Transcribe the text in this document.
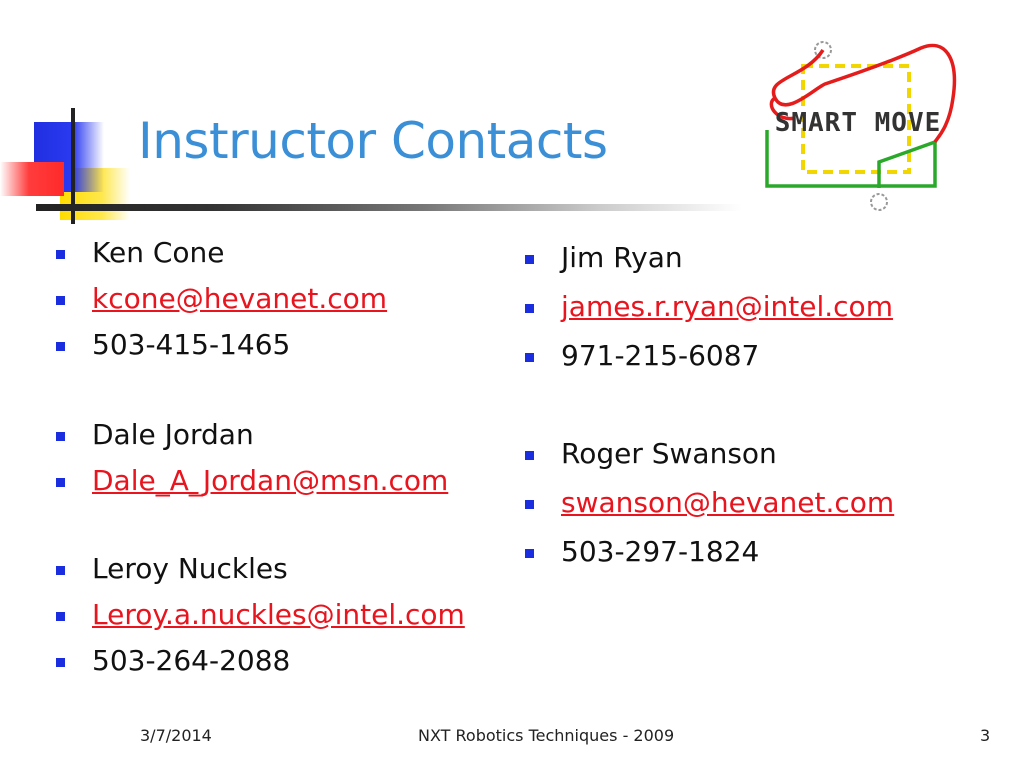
Instructor Contacts	SMART MOVE
Ken Cone
kcone@hevanet.com
503-415-1465
Dale Jordan
Dale_A_Jordan@msn.com
Leroy Nuckles
Leroy.a.nuckles@intel.com
503-264-2088
Jim Ryan
james.r.ryan@intel.com
971-215-6087
Roger Swanson
swanson@hevanet.com
503-297-1824
3/7/2014	NXT Robotics Techniques - 2009	3
